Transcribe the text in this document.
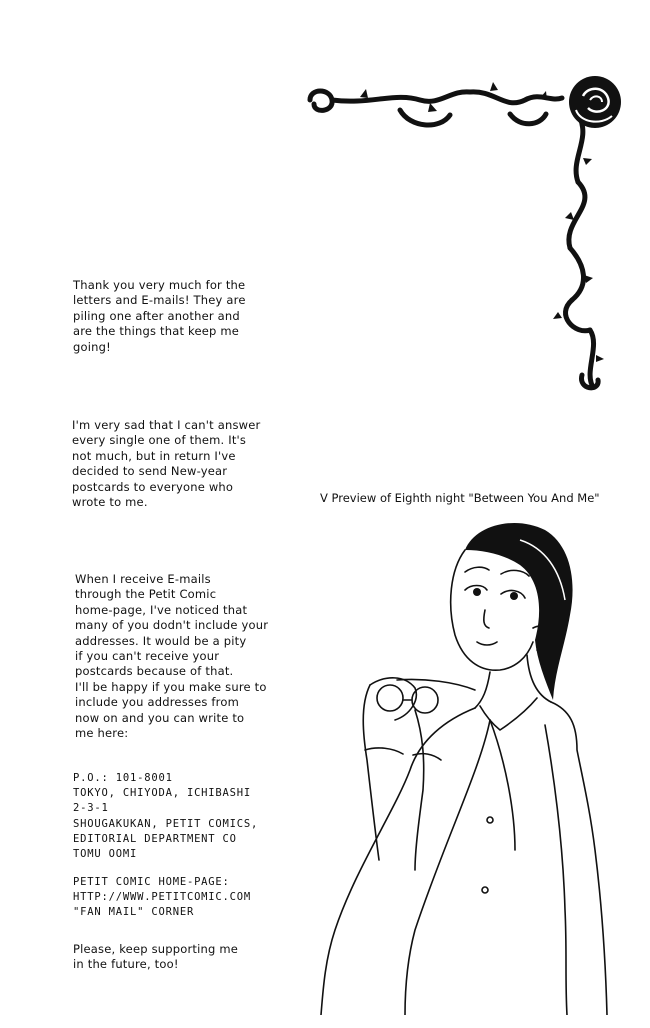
Thank you very much for the
letters and E-mails! They are
piling one after another and
are the things that keep me
going!

I'm very sad that I can't answer
every single one of them. It's
not much, but in return I've
decided to send New-year
postcards to everyone who
wrote to me.

When I receive E-mails
through the Petit Comic
home-page, I've noticed that
many of you dodn't include your
addresses. It would be a pity
if you can't receive your
postcards because of that.
I'll be happy if you make sure to
include you addresses from
now on and you can write to
me here:

P.O.: 101-8001
TOKYO, CHIYODA, ICHIBASHI
2-3-1
SHOUGAKUKAN, PETIT COMICS,
EDITORIAL DEPARTMENT CO
TOMU OOMI

PETIT COMIC HOME-PAGE:
HTTP://WWW.PETITCOMIC.COM
"FAN MAIL" CORNER

Please, keep supporting me
in the future, too!

V Preview of Eighth night "Between You And Me"
